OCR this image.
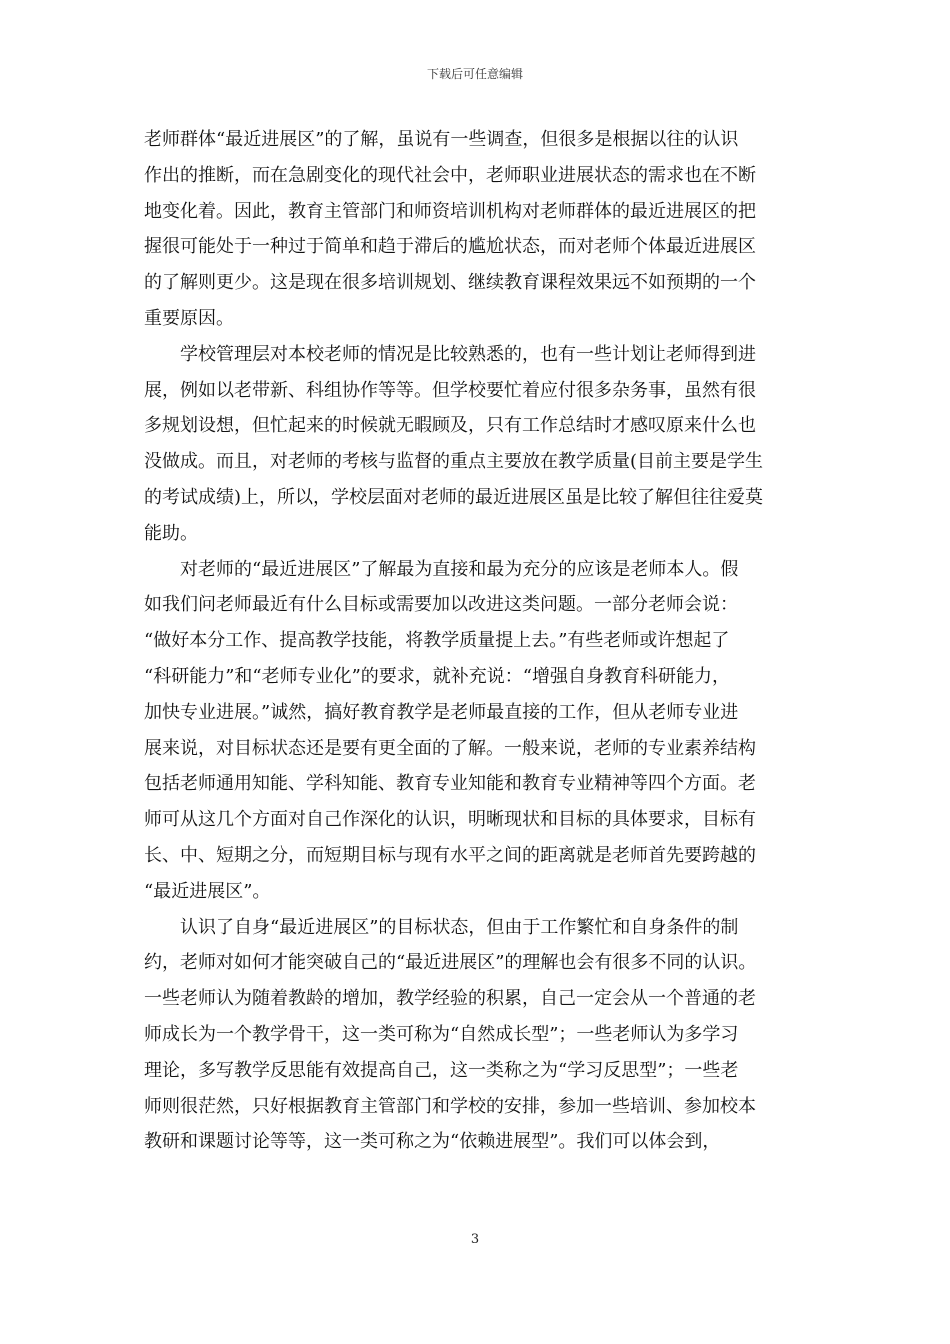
下载后可任意编辑

老师群体“最近进展区”的了解，虽说有一些调查，但很多是根据以往的认识
作出的推断，而在急剧变化的现代社会中，老师职业进展状态的需求也在不断
地变化着。因此，教育主管部门和师资培训机构对老师群体的最近进展区的把
握很可能处于一种过于简单和趋于滞后的尴尬状态，而对老师个体最近进展区
的了解则更少。这是现在很多培训规划、继续教育课程效果远不如预期的一个
重要原因。

　　学校管理层对本校老师的情况是比较熟悉的，也有一些计划让老师得到进
展，例如以老带新、科组协作等等。但学校要忙着应付很多杂务事，虽然有很
多规划设想，但忙起来的时候就无暇顾及，只有工作总结时才感叹原来什么也
没做成。而且，对老师的考核与监督的重点主要放在教学质量(目前主要是学生
的考试成绩)上，所以，学校层面对老师的最近进展区虽是比较了解但往往爱莫
能助。

　　对老师的“最近进展区”了解最为直接和最为充分的应该是老师本人。假
如我们问老师最近有什么目标或需要加以改进这类问题。一部分老师会说：
“做好本分工作、提高教学技能，将教学质量提上去。”有些老师或许想起了
“科研能力”和“老师专业化”的要求，就补充说：“增强自身教育科研能力，
加快专业进展。”诚然，搞好教育教学是老师最直接的工作，但从老师专业进
展来说，对目标状态还是要有更全面的了解。一般来说，老师的专业素养结构
包括老师通用知能、学科知能、教育专业知能和教育专业精神等四个方面。老
师可从这几个方面对自己作深化的认识，明晰现状和目标的具体要求，目标有
长、中、短期之分，而短期目标与现有水平之间的距离就是老师首先要跨越的
“最近进展区”。

　　认识了自身“最近进展区”的目标状态，但由于工作繁忙和自身条件的制
约，老师对如何才能突破自己的“最近进展区”的理解也会有很多不同的认识。
一些老师认为随着教龄的增加，教学经验的积累，自己一定会从一个普通的老
师成长为一个教学骨干，这一类可称为“自然成长型”；一些老师认为多学习
理论，多写教学反思能有效提高自己，这一类称之为“学习反思型”；一些老
师则很茫然，只好根据教育主管部门和学校的安排，参加一些培训、参加校本
教研和课题讨论等等，这一类可称之为“依赖进展型”。我们可以体会到，

3
